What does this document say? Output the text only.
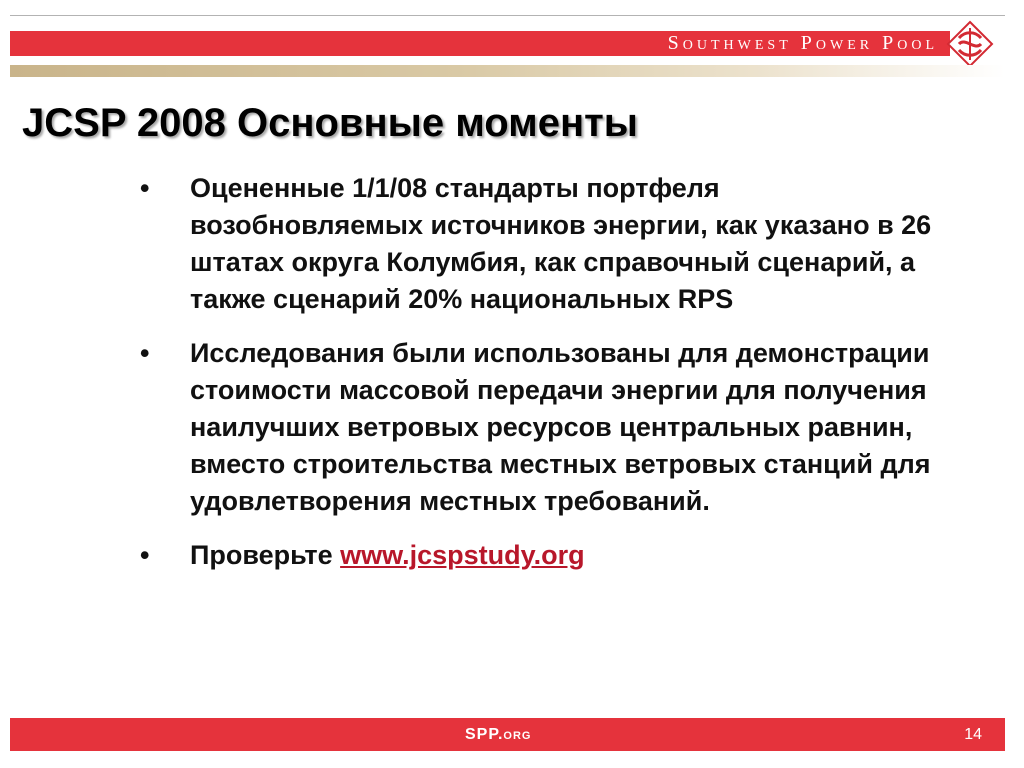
Southwest Power Pool
JCSP 2008 Основные моменты
• Оцененные 1/1/08 стандарты портфеля возобновляемых источников энергии, как указано в 26 штатах округа Колумбия, как справочный сценарий, а также сценарий 20% национальных RPS
• Исследования были использованы для демонстрации стоимости массовой передачи энергии для получения наилучших ветровых ресурсов центральных равнин, вместо строительства местных ветровых станций для удовлетворения местных требований.
• Проверьте www.jcspstudy.org
SPP.org	14
